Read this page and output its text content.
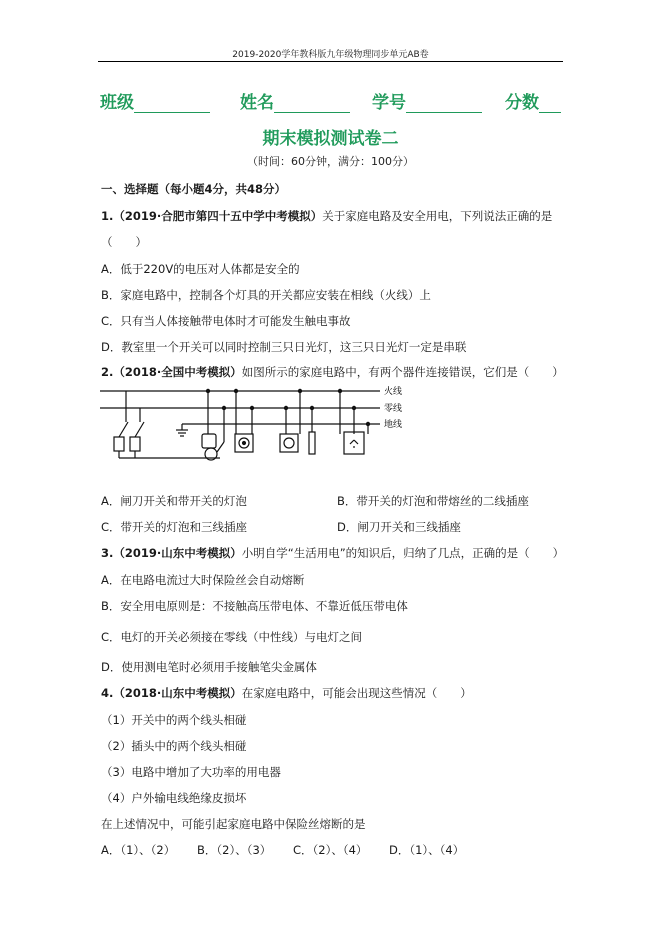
2019-2020学年教科版九年级物理同步单元AB卷
班级	姓名	学号	分数
期末模拟测试卷二
（时间：60分钟，满分：100分）
一、选择题（每小题4分，共48分）
1.（2019·合肥市第四十五中学中考模拟）关于家庭电路及安全用电，下列说法正确的是
（　　）
A．低于220V的电压对人体都是安全的
B．家庭电路中，控制各个灯具的开关都应安装在相线（火线）上
C．只有当人体接触带电体时才可能发生触电事故
D．教室里一个开关可以同时控制三只日光灯，这三只日光灯一定是串联
2.（2018·全国中考模拟）如图所示的家庭电路中，有两个器件连接错误，它们是（　　）
火线
零线
地线
A．闸刀开关和带开关的灯泡	B．带开关的灯泡和带熔丝的二线插座
C．带开关的灯泡和三线插座	D．闸刀开关和三线插座
3.（2019·山东中考模拟）小明自学“生活用电”的知识后，归纳了几点，正确的是（　　）
A．在电路电流过大时保险丝会自动熔断
B．安全用电原则是：不接触高压带电体、不靠近低压带电体
C．电灯的开关必须接在零线（中性线）与电灯之间
D．使用测电笔时必须用手接触笔尖金属体
4.（2018·山东中考模拟）在家庭电路中，可能会出现这些情况（　　）
（1）开关中的两个线头相碰
（2）插头中的两个线头相碰
（3）电路中增加了大功率的用电器
（4）户外输电线绝缘皮损坏
在上述情况中，可能引起家庭电路中保险丝熔断的是
A．（1）、（2） B．（2）、（3） C．（2）、（4） D．（1）、（4）
